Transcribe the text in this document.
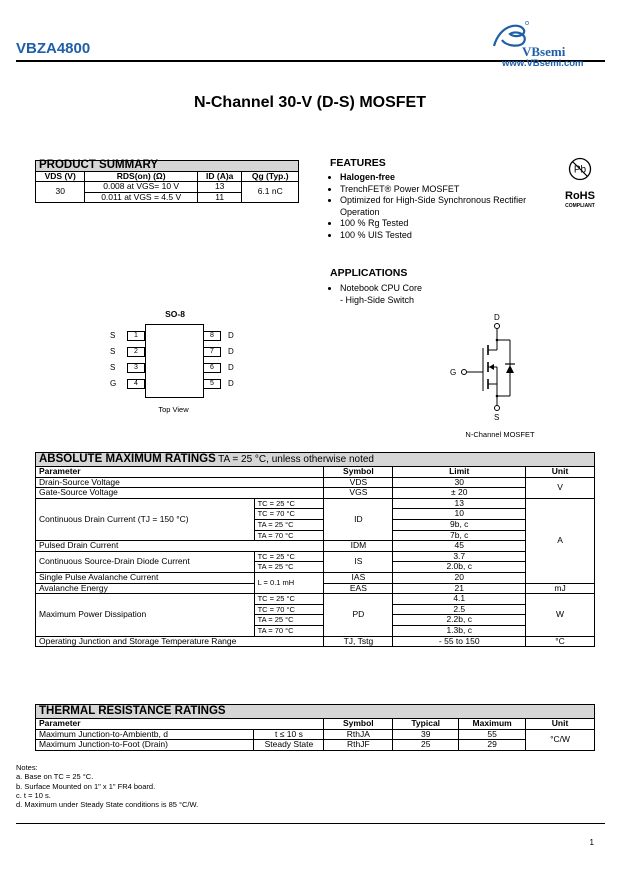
VBZA4800	VBsemi
www.VBsemi.com
N-Channel 30-V (D-S) MOSFET
PRODUCT SUMMARY			
VDS (V)	RDS(on) (Ω)	ID (A)a	Qg (Typ.)
30	0.008 at VGS= 10 V	13	6.1 nC
	0.011 at VGS = 4.5 V	11	
FEATURES
• Halogen-free
• TrenchFET® Power MOSFET
• Optimized for High-Side Synchronous Rectifier Operation
• 100 % Rg Tested
• 100 % UIS Tested
Pb
RoHS
COMPLIANT
APPLICATIONS
• Notebook CPU Core
- High-Side Switch
SO-8
S	1
S	2
S	3
G	4
8	D
7	D
6	D
5	D
Top View
D
G
S
N-Channel MOSFET
ABSOLUTE MAXIMUM RATINGS TA = 25 °C, unless otherwise noted				
Parameter		Symbol	Limit	Unit
Drain-Source Voltage		VDS	30	V
Gate-Source Voltage		VGS	± 20	
Continuous Drain Current (TJ = 150 °C)	TC = 25 °C	ID	13	A
	TC = 70 °C		10	
	TA = 25 °C		9b, c	
	TA = 70 °C		7b, c	
Pulsed Drain Current		IDM	45	
Continuous Source-Drain Diode Current	TC = 25 °C	IS	3.7	
	TA = 25 °C		2.0b, c	
Single Pulse Avalanche Current	L = 0.1 mH	IAS	20	
Avalanche Energy		EAS	21	mJ
Maximum Power Dissipation	TC = 25 °C	PD	4.1	W
	TC = 70 °C		2.5	
	TA = 25 °C		2.2b, c	
	TA = 70 °C		1.3b, c	
Operating Junction and Storage Temperature Range		TJ, Tstg	- 55 to 150	°C
THERMAL RESISTANCE RATINGS					
Parameter		Symbol	Typical	Maximum	Unit
Maximum Junction-to-Ambientb, d	t ≤ 10 s	RthJA	39	55	°C/W
Maximum Junction-to-Foot (Drain)	Steady State	RthJF	25	29	
Notes:
a. Base on TC = 25 °C.
b. Surface Mounted on 1" x 1" FR4 board.
c. t = 10 s.
d. Maximum under Steady State conditions is 85 °C/W.
1
